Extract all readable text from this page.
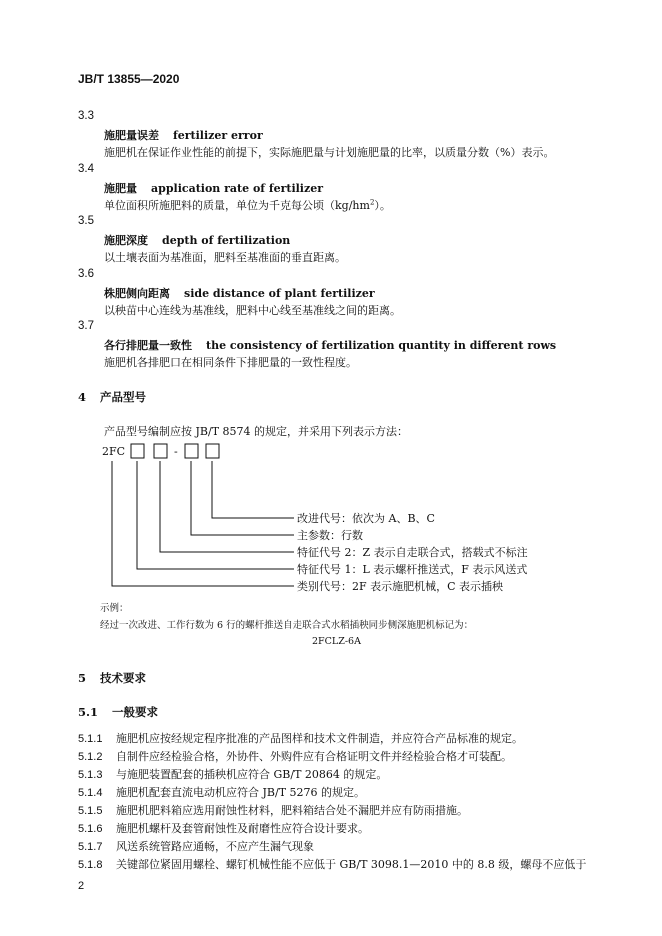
JB/T 13855—2020
3.3
施肥量误差 fertilizer error
施肥机在保证作业性能的前提下，实际施肥量与计划施肥量的比率，以质量分数（%）表示。
3.4
施肥量 application rate of fertilizer
单位面积所施肥料的质量，单位为千克每公顷$(kg/hm^2)$。
3.5
施肥深度 depth of fertilization
以土壤表面为基准面，肥料至基准面的垂直距离。
3.6
株肥侧向距离 side distance of plant fertilizer
以秧苗中心连线为基准线，肥料中心线至基准线之间的距离。
3.7
各行排肥量一致性 the consistency of fertilization quantity in different rows
施肥机各排肥口在相同条件下排肥量的一致性程度。
4 产品型号
产品型号编制应按 JB/T 8574 的规定，并采用下列表示方法：
2FC	-
改进代号：依次为 A、B、C
主参数：行数
特征代号 2：Z 表示自走联合式，搭载式不标注
特征代号 1：L 表示螺杆推送式，F 表示风送式
类别代号：2F 表示施肥机械，C 表示插秧
示例：
经过一次改进、工作行数为 6 行的螺杆推送自走联合式水稻插秧同步侧深施肥机标记为：
2FCLZ-6A
5 技术要求
5.1 一般要求
5.1.1 施肥机应按经规定程序批准的产品图样和技术文件制造，并应符合产品标准的规定。
5.1.2 自制件应经检验合格，外协件、外购件应有合格证明文件并经检验合格才可装配。
5.1.3 与施肥装置配套的插秧机应符合 GB/T 20864 的规定。
5.1.4 施肥机配套直流电动机应符合 JB/T 5276 的规定。
5.1.5 施肥机肥料箱应选用耐蚀性材料，肥料箱结合处不漏肥并应有防雨措施。
5.1.6 施肥机螺杆及套管耐蚀性及耐磨性应符合设计要求。
5.1.7 风送系统管路应通畅，不应产生漏气现象
5.1.8 关键部位紧固用螺栓、螺钉机械性能不应低于 GB/T 3098.1—2010 中的 8.8 级，螺母不应低于
2
